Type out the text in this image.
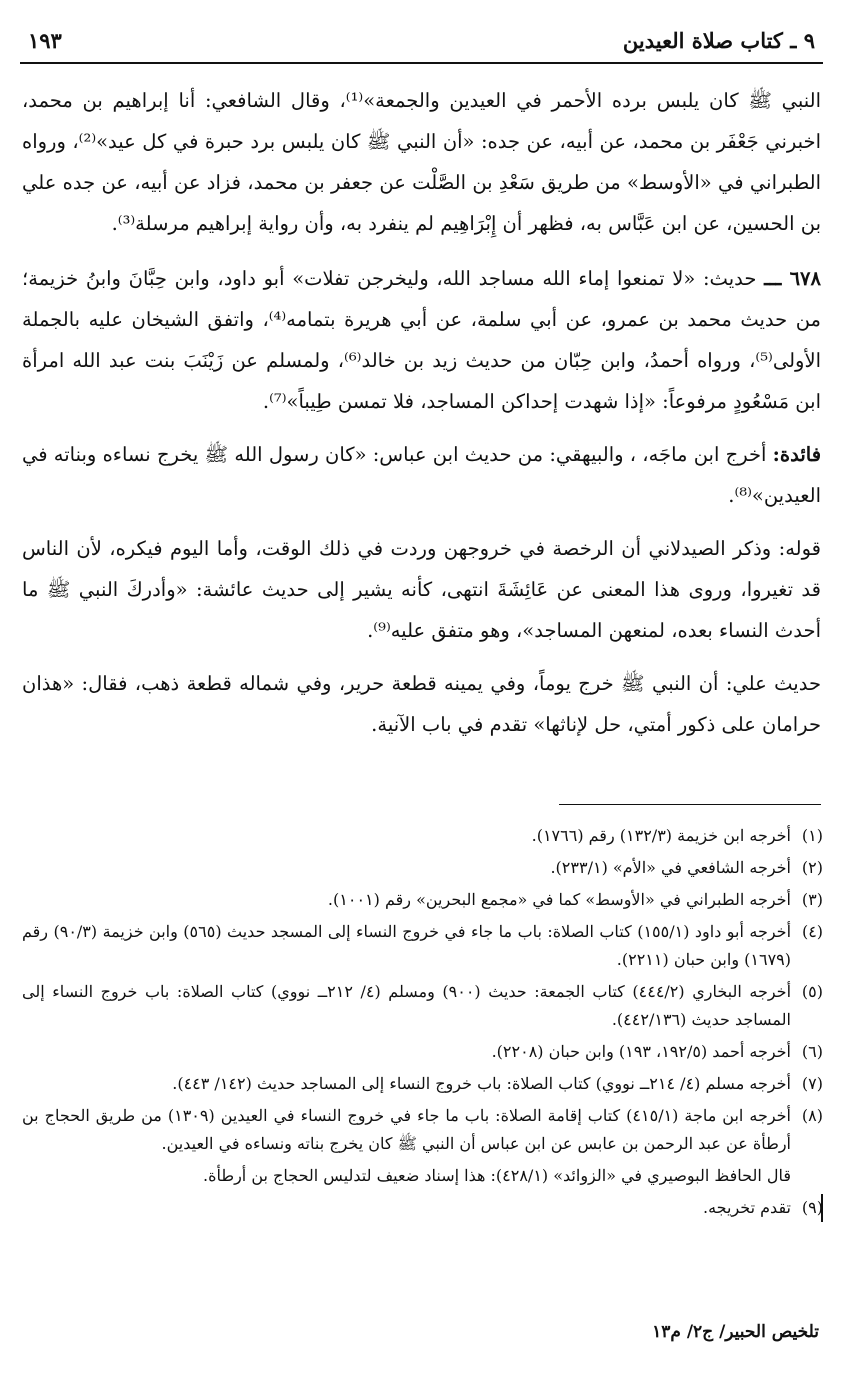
٩ ـ كتاب صلاة العيدين
١٩٣

النبي ﷺ كان يلبس برده الأحمر في العيدين والجمعة»⁽¹⁾، وقال الشافعي: أنا إبراهيم بن محمد، اخبرني جَعْفَر بن محمد، عن أبيه، عن جده: «أن النبي ﷺ كان يلبس برد حبرة في كل عيد»⁽²⁾، ورواه الطبراني في «الأوسط» من طريق سَعْدِ بن الصَّلْت عن جعفر بن محمد، فزاد عن أبيه، عن جده علي بن الحسين، عن ابن عَبَّاس به، فظهر أن إِبْرَاهِيم لم ينفرد به، وأن رواية إبراهيم مرسلة⁽³⁾.

٦٧٨ ـــ حديث: «لا تمنعوا إماء الله مساجد الله، وليخرجن تفلات» أبو داود، وابن حِبَّانَ وابنُ خزيمة؛ من حديث محمد بن عمرو، عن أبي سلمة، عن أبي هريرة بتمامه⁽⁴⁾، واتفق الشيخان عليه بالجملة الأولى⁽⁵⁾، ورواه أحمدُ، وابن حِبّان من حديث زيد بن خالد⁽⁶⁾، ولمسلم عن زَيْنَبَ بنت عبد الله امرأة ابن مَسْعُودٍ مرفوعاً: «إذا شهدت إحداكن المساجد، فلا تمسن طِيباً»⁽⁷⁾.

فائدة: أخرج ابن ماجَه، ، والبيهقي: من حديث ابن عباس: «كان رسول الله ﷺ يخرج نساءه وبناته في العيدين»⁽⁸⁾.

قوله: وذكر الصيدلاني أن الرخصة في خروجهن وردت في ذلك الوقت، وأما اليوم فيكره، لأن الناس قد تغيروا، وروى هذا المعنى عن عَائِشَةَ انتهى، كأنه يشير إلى حديث عائشة: «وأدركَ النبي ﷺ ما أحدث النساء بعده، لمنعهن المساجد»، وهو متفق عليه⁽⁹⁾.

حديث علي: أن النبي ﷺ خرج يوماً، وفي يمينه قطعة حرير، وفي شماله قطعة ذهب، فقال: «هذان حرامان على ذكور أمتي، حل لإناثها» تقدم في باب الآنية.

(١)أخرجه ابن خزيمة (١٣٢/٣) رقم (١٧٦٦).

(٢)أخرجه الشافعي في «الأم» (٢٣٣/١).

(٣)أخرجه الطبراني في «الأوسط» كما في «مجمع البحرين» رقم (١٠٠١).

(٤)أخرجه أبو داود (١٥٥/١) كتاب الصلاة: باب ما جاء في خروج النساء إلى المسجد حديث (٥٦٥) وابن خزيمة (٩٠/٣) رقم (١٦٧٩) وابن حبان (٢٢١١).

(٥)أخرجه البخاري (٤٤٤/٢) كتاب الجمعة: حديث (٩٠٠) ومسلم (٤/ ٢١٢ــ نووي) كتاب الصلاة: باب خروج النساء إلى المساجد حديث (٤٤٢/١٣٦).

(٦)أخرجه أحمد (١٩٢/٥، ١٩٣) وابن حبان (٢٢٠٨).

(٧)أخرجه مسلم (٤/ ٢١٤ــ نووي) كتاب الصلاة: باب خروج النساء إلى المساجد حديث (١٤٢/ ٤٤٣).

(٨)أخرجه ابن ماجة (٤١٥/١) كتاب إقامة الصلاة: باب ما جاء في خروج النساء في العيدين (١٣٠٩) من طريق الحجاج بن أرطأة عن عبد الرحمن بن عابس عن ابن عباس أن النبي ﷺ كان يخرج بناته ونساءه في العيدين.

قال الحافظ البوصيري في «الزوائد» (٤٢٨/١): هذا إسناد ضعيف لتدليس الحجاج بن أرطأة.

(٩)تقدم تخريجه.

تلخيص الحبير/ ج٢/ م١٣
